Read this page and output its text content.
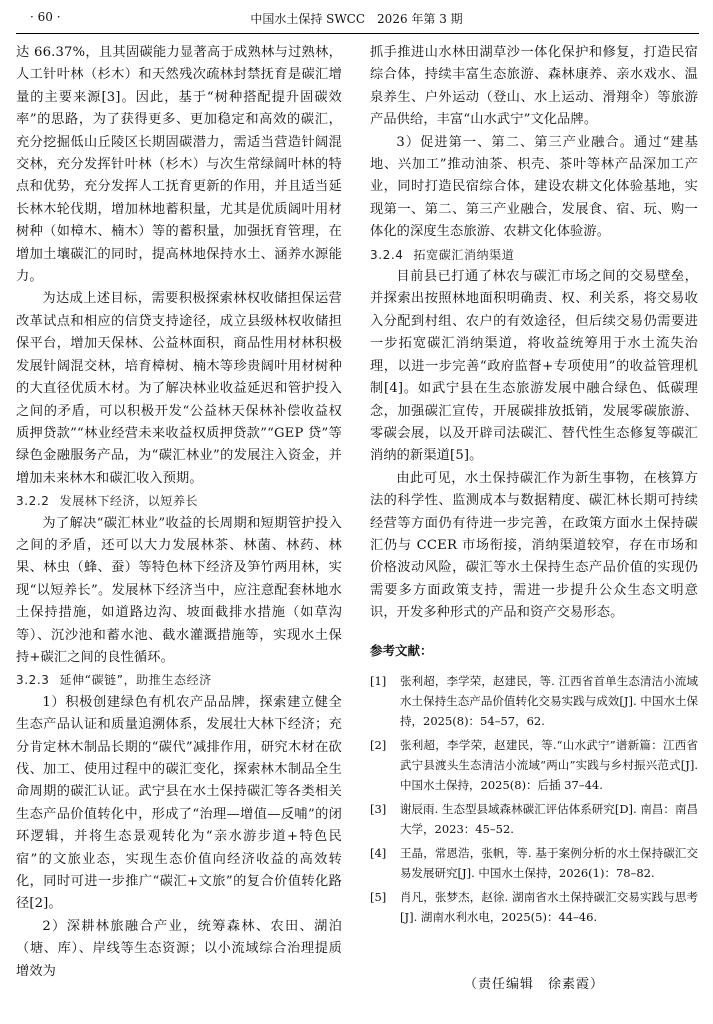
· 60 ·	中国水土保持 SWCC　2026 年第 3 期

达 66.37%，且其固碳能力显著高于成熟林与过熟林，人工针叶林（杉木）和天然残次疏林封禁抚育是碳汇增量的主要来源[3]。因此，基于“树种搭配提升固碳效率”的思路，为了获得更多、更加稳定和高效的碳汇，充分挖掘低山丘陵区长期固碳潜力，需适当营造针阔混交林，充分发挥针叶林（杉木）与次生常绿阔叶林的特点和优势，充分发挥人工抚育更新的作用，并且适当延长林木轮伐期，增加林地蓄积量，尤其是优质阔叶用材树种（如樟木、楠木）等的蓄积量，加强抚育管理，在增加土壤碳汇的同时，提高林地保持水土、涵养水源能力。

为达成上述目标，需要积极探索林权收储担保运营改革试点和相应的信贷支持途径，成立县级林权收储担保平台，增加天保林、公益林面积，商品性用材林积极发展针阔混交林，培育樟树、楠木等珍贵阔叶用材树种的大直径优质木材。为了解决林业收益延迟和管护投入之间的矛盾，可以积极开发“公益林天保林补偿收益权质押贷款”“林业经营未来收益权质押贷款”“GEP 贷”等绿色金融服务产品，为“碳汇林业”的发展注入资金，并增加未来林木和碳汇收入预期。

3.2.2 发展林下经济，以短养长

为了解决“碳汇林业”收益的长周期和短期管护投入之间的矛盾，还可以大力发展林茶、林菌、林药、林果、林虫（蜂、蚕）等特色林下经济及笋竹两用林，实现“以短养长”。发展林下经济当中，应注意配套林地水土保持措施，如道路边沟、坡面截排水措施（如草沟等）、沉沙池和蓄水池、截水灌溉措施等，实现水土保持+碳汇之间的良性循环。

3.2.3 延伸“碳链”，助推生态经济

1）积极创建绿色有机农产品品牌，探索建立健全生态产品认证和质量追溯体系，发展壮大林下经济；充分肯定林木制品长期的“碳代”减排作用，研究木材在砍伐、加工、使用过程中的碳汇变化，探索林木制品全生命周期的碳汇认证。武宁县在水土保持碳汇等各类相关生态产品价值转化中，形成了“治理—增值—反哺”的闭环逻辑，并将生态景观转化为“亲水游步道+特色民宿”的文旅业态，实现生态价值向经济收益的高效转化，同时可进一步推广“碳汇+文旅”的复合价值转化路径[2]。

2）深耕林旅融合产业，统筹森林、农田、湖泊（塘、库）、岸线等生态资源；以小流域综合治理提质增效为

抓手推进山水林田湖草沙一体化保护和修复，打造民宿综合体，持续丰富生态旅游、森林康养、亲水戏水、温泉养生、户外运动（登山、水上运动、滑翔伞）等旅游产品供给，丰富“山水武宁”文化品牌。

3）促进第一、第二、第三产业融合。通过“建基地、兴加工”推动油茶、枳壳、茶叶等林产品深加工产业，同时打造民宿综合体，建设农耕文化体验基地，实现第一、第二、第三产业融合，发展食、宿、玩、购一体化的深度生态旅游、农耕文化体验游。

3.2.4 拓宽碳汇消纳渠道

目前县已打通了林农与碳汇市场之间的交易壁垒，并探索出按照林地面积明确责、权、利关系，将交易收入分配到村组、农户的有效途径，但后续交易仍需要进一步拓宽碳汇消纳渠道，将收益统筹用于水土流失治理，以进一步完善“政府监督+专项使用”的收益管理机制[4]。如武宁县在生态旅游发展中融合绿色、低碳理念，加强碳汇宣传，开展碳排放抵销，发展零碳旅游、零碳会展，以及开辟司法碳汇、替代性生态修复等碳汇消纳的新渠道[5]。

由此可见，水土保持碳汇作为新生事物，在核算方法的科学性、监测成本与数据精度、碳汇林长期可持续经营等方面仍有待进一步完善，在政策方面水土保持碳汇仍与 CCER 市场衔接，消纳渠道较窄，存在市场和价格波动风险，碳汇等水土保持生态产品价值的实现仍需要多方面政策支持，需进一步提升公众生态文明意识，开发多种形式的产品和资产交易形态。

参考文献：
[1] 张利超，李学荣，赵建民，等. 江西省首单生态清洁小流域水土保持生态产品价值转化交易实践与成效[J]. 中国水土保持，2025(8)：54–57，62.
[2] 张利超，李学荣，赵建民，等.“山水武宁”谱新篇：江西省武宁县渡头生态清洁小流域“两山”实践与乡村振兴范式[J]. 中国水土保持，2025(8)：后插 37–44.
[3] 谢辰雨. 生态型县域森林碳汇评估体系研究[D]. 南昌：南昌大学，2023：45–52.
[4] 王晶，常恩浩，张帆，等. 基于案例分析的水土保持碳汇交易发展研究[J]. 中国水土保持，2026(1)：78–82.
[5] 肖凡，张梦杰，赵徐. 湖南省水土保持碳汇交易实践与思考[J]. 湖南水利水电，2025(5)：44–46.
（责任编辑　徐素霞）
